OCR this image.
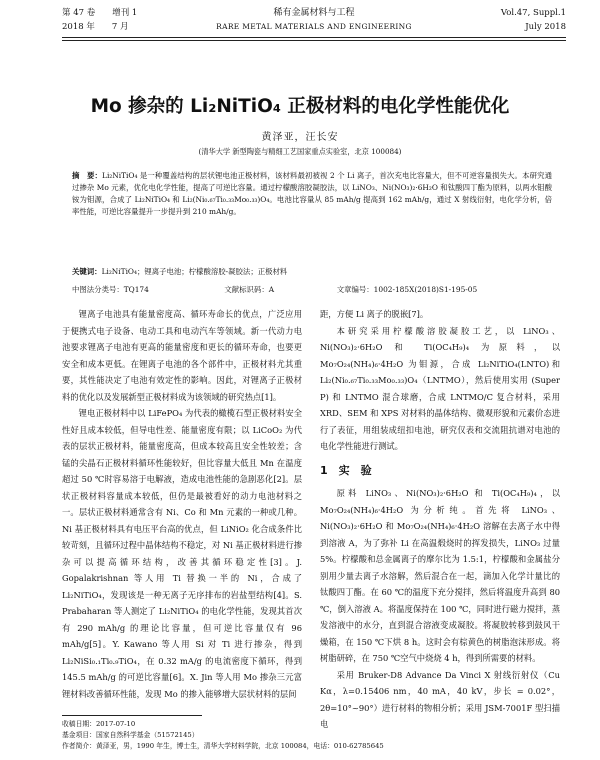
第 47 卷　　增刊 1
2018 年　　7 月
稀有金属材料与工程
RARE METAL MATERIALS AND ENGINEERING
Vol.47, Suppl.1
July 2018
Mo 掺杂的 Li₂NiTiO₄ 正极材料的电化学性能优化
黄泽亚，汪长安
(清华大学 新型陶瓷与精细工艺国家重点实验室，北京 100084)
摘　要：Li₂NiTiO₄ 是一种覆盖结构的层状锂电池正极材料，该材料最初被视 2 个 Li 离子，首次充电比容量大，但不可逆容量损失大。本研究通过掺杂 Mo 元素，优化电化学性能，提高了可逆比容量。通过柠檬酸溶胶凝胶法，以 LiNO₃、Ni(NO₃)₂·6H₂O 和钛酸四丁酯为原料，以两水钼酸铵为钼源，合成了 Li₂NiTiO₄ 和 Li₂(Ni₀.₆₇Ti₀.₃₃Mo₀.₃₃)O₄。电池比容量从 85 mAh/g 提高到 162 mAh/g，通过 X 射线衍射，电化学分析，倍率性能，可逆比容量提升一步提升到 210 mAh/g。
关键词：Li₂NiTiO₄；锂离子电池；柠檬酸溶胶-凝胶法；正极材料
中图法分类号：TQ174	文献标识码：A	文章编号：1002-185X(2018)S1-195-05

锂离子电池具有能量密度高、循环寿命长的优点，广泛应用于便携式电子设备、电动工具和电动汽车等领域。新一代动力电池要求锂离子电池有更高的能量密度和更长的循环寿命，也要更安全和成本更低。在锂离子电池的各个部件中，正极材料尤其重要，其性能决定了电池有效定性的影响。因此，对锂离子正极材料的优化以及发展新型正极材料成为该领域的研究热点[1]。

锂电正极材料中以 LiFePO₄ 为代表的橄榄石型正极材料安全性好且成本较低，但导电性差、能量密度有限；以 LiCoO₂ 为代表的层状正极材料，能量密度高，但成本较高且安全性较差；含锰的尖晶石正极材料循环性能较好，但比容量大低且 Mn 在温度超过 50 ℃时容易溶于电解液，造成电池性能的急剧恶化[2]。层状正极材料容量成本较低，但仍是最被看好的动力电池材料之一。层状正极材料通常含有 Ni、Co 和 Mn 元素的一种或几种。Ni 基正极材料具有电压平台高的优点，但 LiNiO₂ 化合成条件比较苛刻，且循环过程中晶体结构不稳定，对 Ni 基正极材料进行掺杂可以提高循环结构，改善其循环稳定性[3]。J. Gopalakrishnan 等人用 Ti 替换一半的 Ni，合成了 Li₂NiTiO₄，发现该是一种无离子无序排布的岩盐型结构[4]。S. Prabaharan 等人测定了 Li₂NiTiO₄ 的电化学性能，发现其首次有 290 mAh/g 的理论比容量，但可逆比容量仅有 96 mAh/g[5]。Y. Kawano 等人用 Si 对 Ti 进行掺杂，得到 Li₂NiSi₀.₁Ti₀.₉TiO₄，在 0.32 mA/g 的电流密度下循环，得到 145.5 mAh/g 的可逆比容量[6]。X. Jin 等人用 Mo 掺杂三元富锂材料改善循环性能，发现 Mo 的掺入能够增大层状材料的层间

距，方便 Li 离子的脱嵌[7]。

本研究采用柠檬酸溶胶凝胶工艺，以 LiNO₃、Ni(NO₃)₂·6H₂O 和 Ti(OC₄H₉)₄ 为原料，以 Mo₇O₂₄(NH₄)₆·4H₂O 为钼源，合成 Li₂NiTiO₄(LNTO)和 Li₂(Ni₀.₆₇Ti₀.₃₃Mo₀.₃₃)O₄（LNTMO），然后使用实用 (Super P) 和 LNTMO 混合球磨，合成 LNTMO/C 复合材料，采用 XRD、SEM 和 XPS 对材料的晶体结构、微观形貌和元素价态进行了表征，用组装成纽扣电池，研究仅表和交流阻抗谱对电池的电化学性能进行测试。

1　实　验

原料 LiNO₃、Ni(NO₃)₂·6H₂O 和 Ti(OC₄H₉)₄，以 Mo₇O₂₄(NH₄)₆·4H₂O 为分析纯。首先将 LiNO₃、Ni(NO₃)₂·6H₂O 和 Mo₇O₂₄(NH₄)₆·4H₂O 溶解在去离子水中得到溶液 A，为了弥补 Li 在高温煅烧时的挥发损失，LiNO₃ 过量 5%。柠檬酸和总金属离子的摩尔比为 1.5:1，柠檬酸和金属盐分别用少量去离子水溶解，然后混合在一起，滴加入化学计量比的钛酸四丁酯。在 60 ℃的温度下充分搅拌，然后将温度升高到 80 ℃，倒入溶液 A。将温度保持在 100 ℃，同时进行磁力搅拌，蒸发溶液中的水分，直到混合溶液变成凝胶。将凝胶转移到鼓风干燥箱，在 150 ℃下烘 8 h。这时会有棕黄色的树脂泡沫形成。将树脂研碎，在 750 ℃空气中烧烧 4 h，得到所需要的材料。

采用 Bruker-D8 Advance Da Vinci X 射线衍射仪（Cu Kα，λ=0.15406 nm，40 mA，40 kV，步长 = 0.02°，2θ=10°~90°）进行材料的物相分析；采用 JSM-7001F 型扫描电

收稿日期：2017-07-10
基金项目：国家自然科学基金（51572145）
作者简介：黄泽亚，男，1990 年生，博士生，清华大学材料学院，北京 100084，电话：010-62785645
